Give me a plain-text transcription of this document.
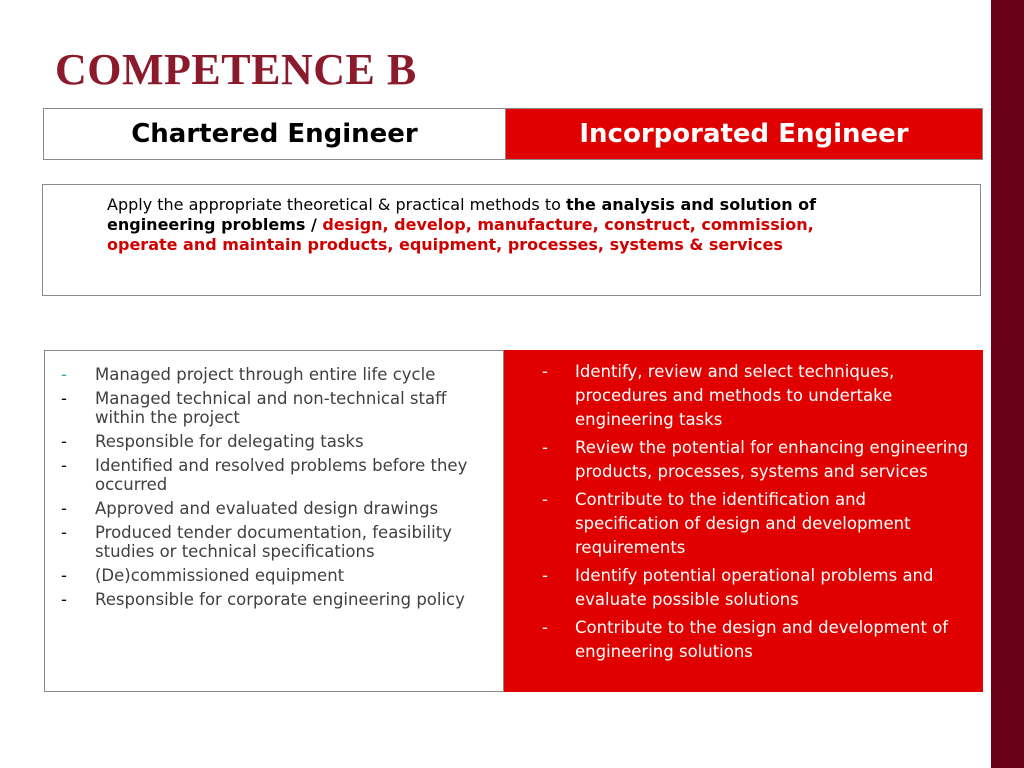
COMPETENCE B
Chartered Engineer	Incorporated Engineer
Apply the appropriate theoretical & practical methods to the analysis and solution of engineering problems / design, develop, manufacture, construct, commission, operate and maintain products, equipment, processes, systems & services
-	Managed project through entire life cycle
-	Managed technical and non-technical staff within the project
-	Responsible for delegating tasks
-	Identified and resolved problems before they occurred
-	Approved and evaluated design drawings
-	Produced tender documentation, feasibility studies or technical specifications
-	(De)commissioned equipment
-	Responsible for corporate engineering policy
-	Identify, review and select techniques, procedures and methods to undertake engineering tasks
-	Review the potential for enhancing engineering products, processes, systems and services
-	Contribute to the identification and specification of design and development requirements
-	Identify potential operational problems and evaluate possible solutions
-	Contribute to the design and development of engineering solutions
